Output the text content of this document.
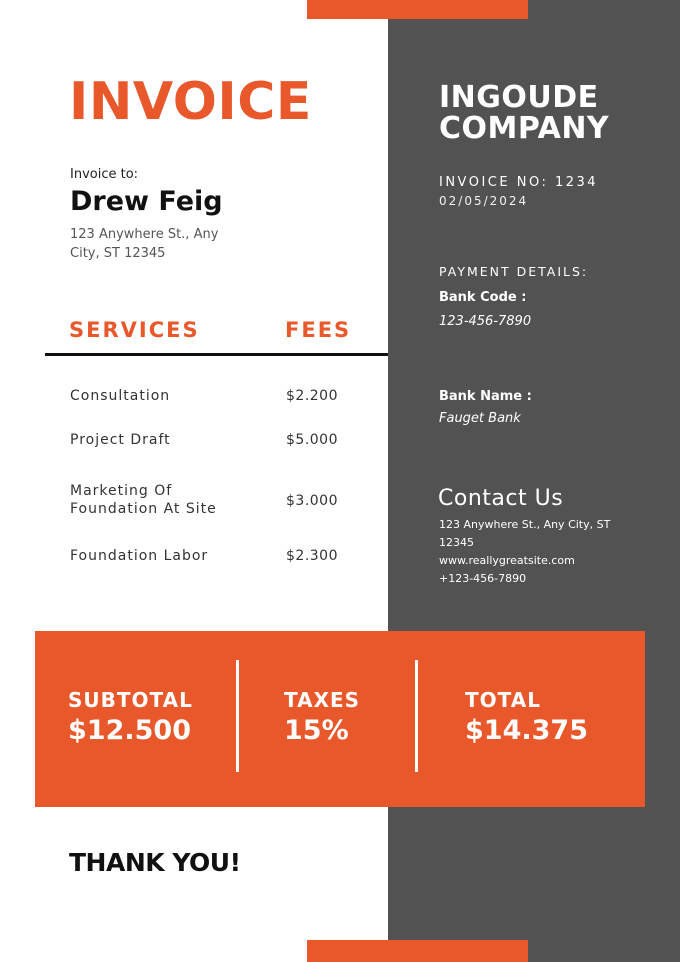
INVOICE
Invoice to:
Drew Feig
123 Anywhere St., Any
City, ST 12345
SERVICES	FEES
Consultation	$2.200
Project Draft	$5.000
Marketing Of
Foundation At Site	$3.000
Foundation Labor	$2.300
INGOUDE
COMPANY
INVOICE NO: 1234
02/05/2024
PAYMENT DETAILS:
Bank Code :
123-456-7890
Bank Name :
Fauget Bank
Contact Us
123 Anywhere St., Any City, ST
12345
www.reallygreatsite.com
+123-456-7890
SUBTOTAL
$12.500
TAXES
15%
TOTAL
$14.375
THANK YOU!
